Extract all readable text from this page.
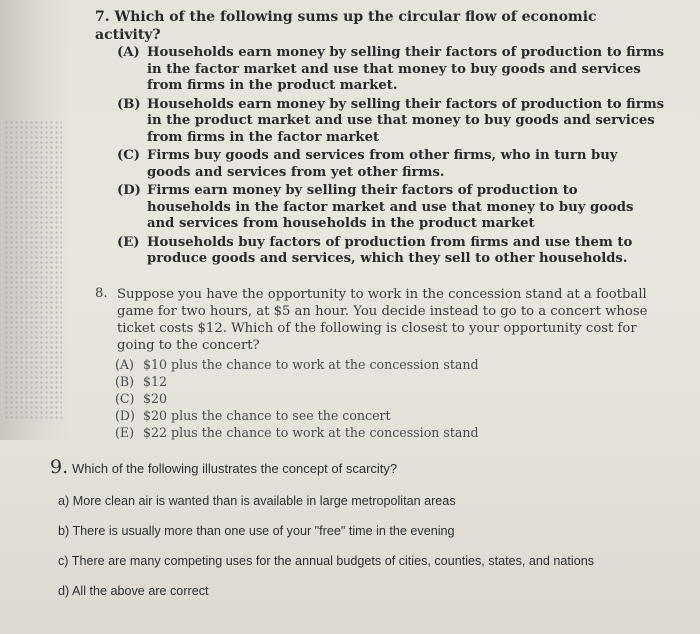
7. Which of the following sums up the circular flow of economic activity?
(A) Households earn money by selling their factors of production to firms in the factor market and use that money to buy goods and services from firms in the product market.
(B) Households earn money by selling their factors of production to firms in the product market and use that money to buy goods and services from firms in the factor market
(C) Firms buy goods and services from other firms, who in turn buy goods and services from yet other firms.
(D) Firms earn money by selling their factors of production to households in the factor market and use that money to buy goods and services from households in the product market
(E) Households buy factors of production from firms and use them to produce goods and services, which they sell to other households.
8. Suppose you have the opportunity to work in the concession stand at a football game for two hours, at $5 an hour. You decide instead to go to a concert whose ticket costs $12. Which of the following is closest to your opportunity cost for going to the concert?
(A) $10 plus the chance to work at the concession stand
(B) $12
(C) $20
(D) $20 plus the chance to see the concert
(E) $22 plus the chance to work at the concession stand
9. Which of the following illustrates the concept of scarcity?
a) More clean air is wanted than is available in large metropolitan areas
b) There is usually more than one use of your "free" time in the evening
c) There are many competing uses for the annual budgets of cities, counties, states, and nations
d) All the above are correct
